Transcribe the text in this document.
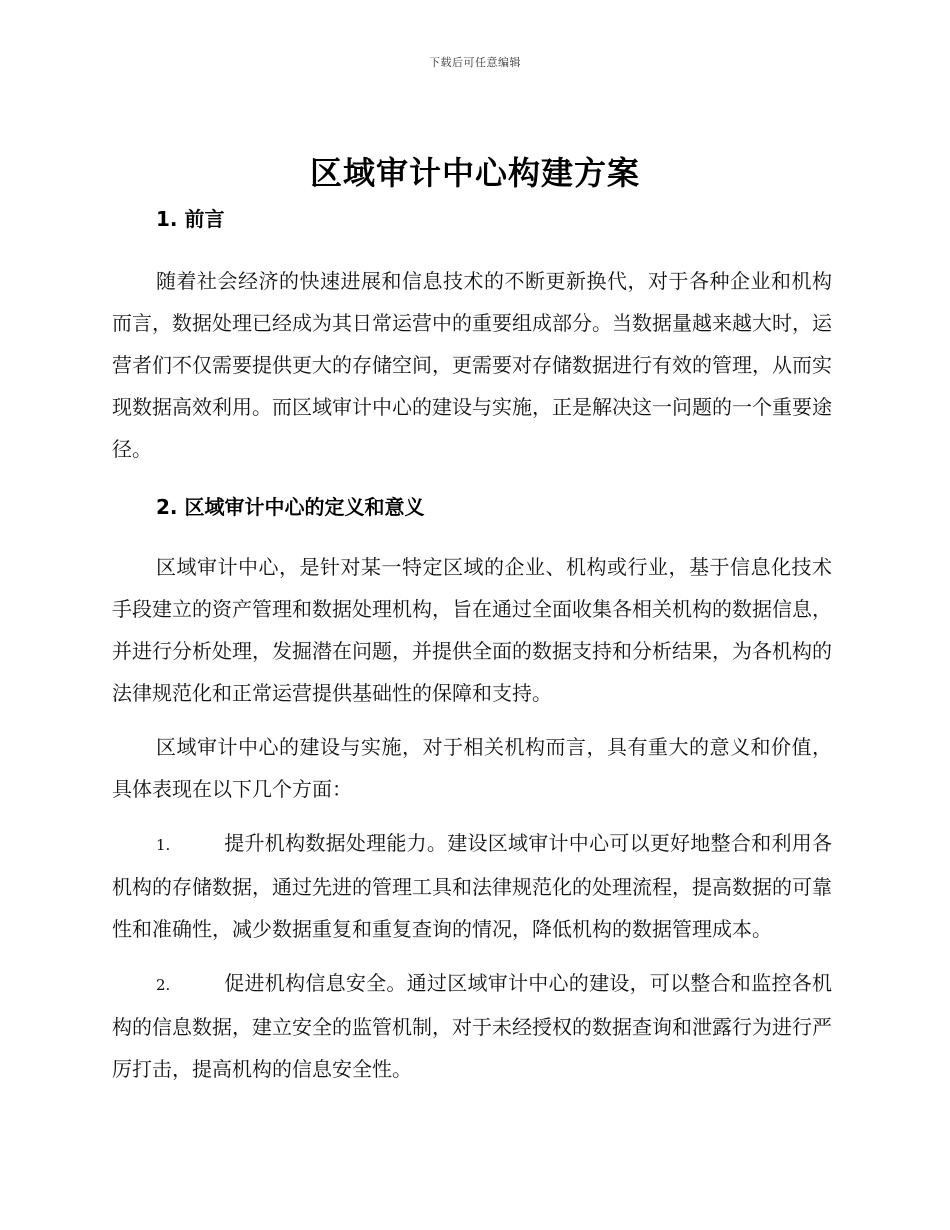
下载后可任意编辑
区域审计中心构建方案
1. 前言

随着社会经济的快速进展和信息技术的不断更新换代，对于各种企业和机构而言，数据处理已经成为其日常运营中的重要组成部分。当数据量越来越大时，运营者们不仅需要提供更大的存储空间，更需要对存储数据进行有效的管理，从而实现数据高效利用。而区域审计中心的建设与实施，正是解决这一问题的一个重要途径。

2. 区域审计中心的定义和意义

区域审计中心，是针对某一特定区域的企业、机构或行业，基于信息化技术手段建立的资产管理和数据处理机构，旨在通过全面收集各相关机构的数据信息，并进行分析处理，发掘潜在问题，并提供全面的数据支持和分析结果，为各机构的法律规范化和正常运营提供基础性的保障和支持。

区域审计中心的建设与实施，对于相关机构而言，具有重大的意义和价值，具体表现在以下几个方面：

1.	提升机构数据处理能力。建设区域审计中心可以更好地整合和利用各机构的存储数据，通过先进的管理工具和法律规范化的处理流程，提高数据的可靠性和准确性，减少数据重复和重复查询的情况，降低机构的数据管理成本。

2.	促进机构信息安全。通过区域审计中心的建设，可以整合和监控各机构的信息数据，建立安全的监管机制，对于未经授权的数据查询和泄露行为进行严厉打击，提高机构的信息安全性。
